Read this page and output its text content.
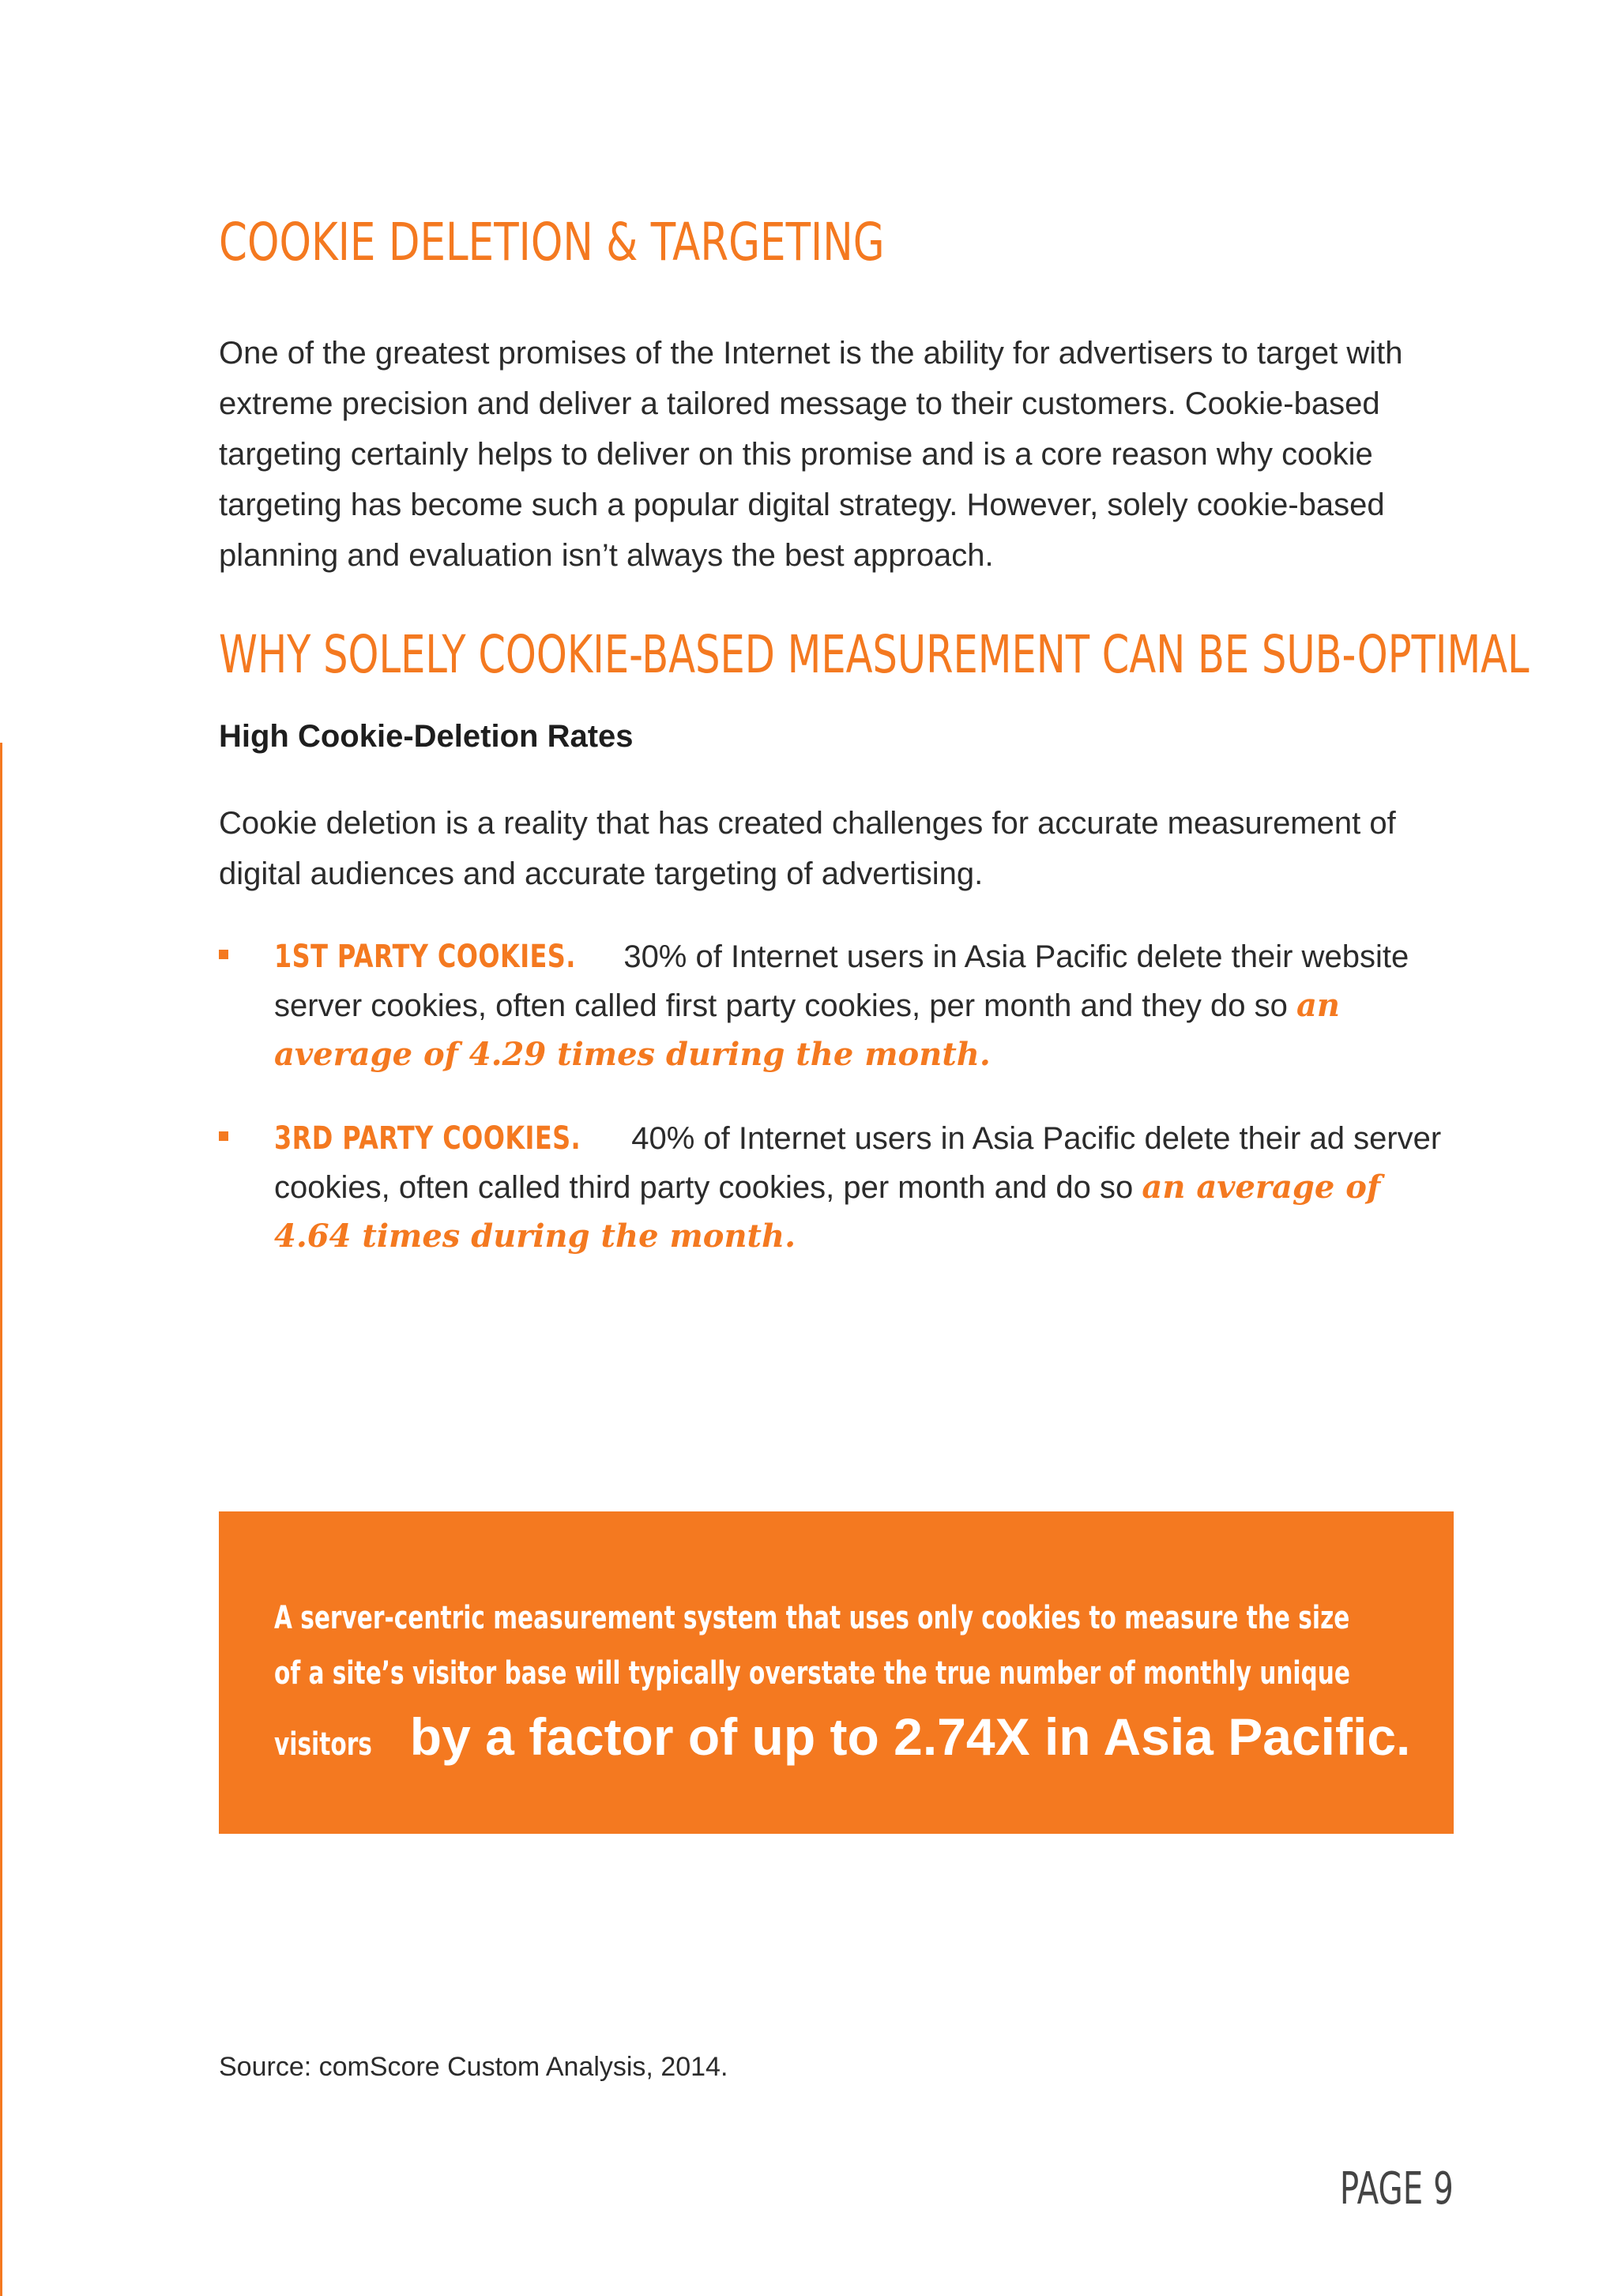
COOKIE DELETION & TARGETING

One of the greatest promises of the Internet is the ability for advertisers to target with extreme precision and deliver a tailored message to their customers. Cookie-based targeting certainly helps to deliver on this promise and is a core reason why cookie targeting has become such a popular digital strategy. However, solely cookie-based planning and evaluation isn’t always the best approach.

WHY SOLELY COOKIE-BASED MEASUREMENT CAN BE SUB-OPTIMAL

High Cookie-Deletion Rates

Cookie deletion is a reality that has created challenges for accurate measurement of digital audiences and accurate targeting of advertising.

1ST PARTY COOKIES. 30% of Internet users in Asia Pacific delete their website server cookies, often called first party cookies, per month and they do so an average of 4.29 times during the month.
3RD PARTY COOKIES. 40% of Internet users in Asia Pacific delete their ad server cookies, often called third party cookies, per month and do so an average of 4.64 times during the month.
A server-centric measurement system that uses only cookies to measure the size
of a site’s visitor base will typically overstate the true number of monthly unique
visitors by a factor of up to 2.74X in Asia Pacific.

Source: comScore Custom Analysis, 2014.

PAGE 9
